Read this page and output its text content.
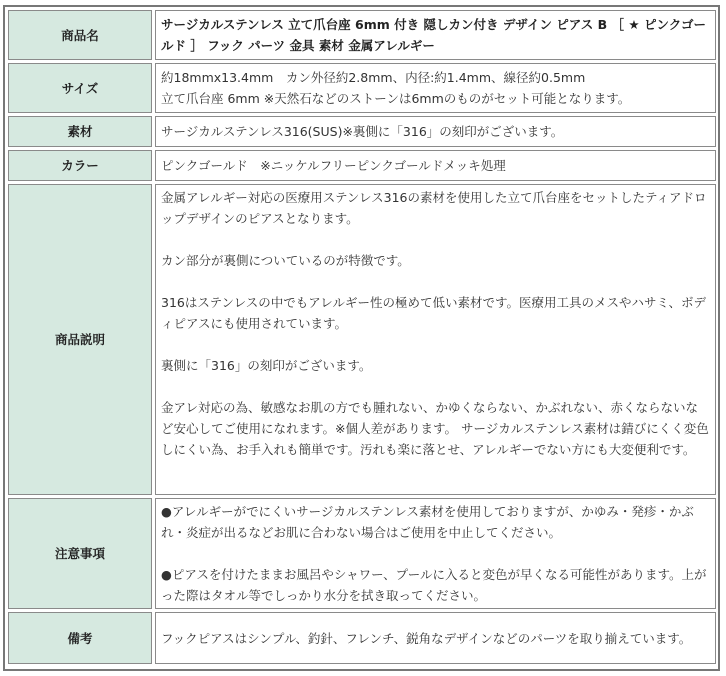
商品名	サージカルステンレス 立て爪台座 6mm 付き 隠しカン付き デザイン ピアス B ［ ★ ピンクゴールド ］ フック パーツ 金具 素材 金属アレルギー
サイズ	約18mmx13.4mm　カン外径約2.8mm、内径:約1.4mm、線径約0.5mm
立て爪台座 6mm ※天然石などのストーンは6mmのものがセット可能となります。

素材	サージカルステンレス316(SUS)※裏側に「316」の刻印がございます。
カラー	ピンクゴールド　※ニッケルフリーピンクゴールドメッキ処理
商品説明	金属アレルギー対応の医療用ステンレス316の素材を使用した立て爪台座をセットしたティアドロップデザインのピアスとなります。

カン部分が裏側についているのが特徴です。

316はステンレスの中でもアレルギー性の極めて低い素材です。医療用工具のメスやハサミ、ボディピアスにも使用されています。

裏側に「316」の刻印がございます。

金アレ対応の為、敏感なお肌の方でも腫れない、かゆくならない、かぶれない、赤くならないなど安心してご使用になれます。※個人差があります。 サージカルステンレス素材は錆びにくく変色しにくい為、お手入れも簡単です。汚れも楽に落とせ、アレルギーでない方にも大変便利です。

注意事項	●アレルギーがでにくいサージカルステンレス素材を使用しておりますが、かゆみ・発疹・かぶれ・炎症が出るなどお肌に合わない場合はご使用を中止してください。

●ピアスを付けたままお風呂やシャワー、プールに入ると変色が早くなる可能性があります。上がった際はタオル等でしっかり水分を拭き取ってください。

備考	フックピアスはシンプル、釣針、フレンチ、鋭角なデザインなどのパーツを取り揃えています。
